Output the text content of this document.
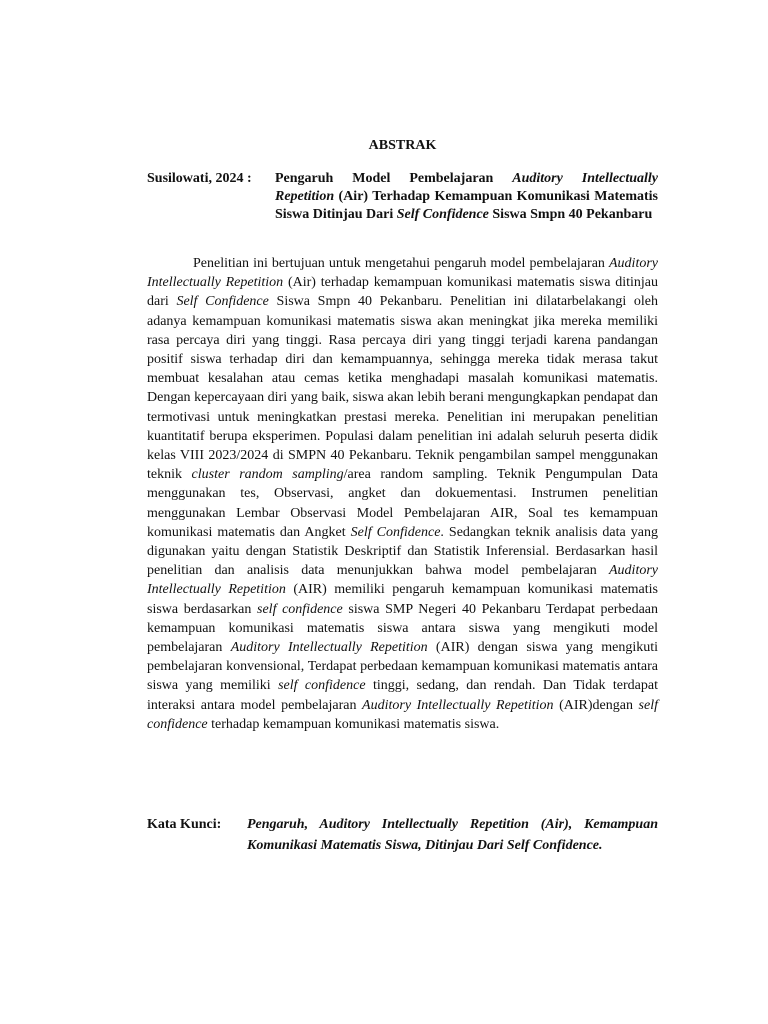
ABSTRAK
Susilowati, 2024 : Pengaruh Model Pembelajaran Auditory Intellectually Repetition (Air) Terhadap Kemampuan Komunikasi Matematis Siswa Ditinjau Dari Self Confidence Siswa Smpn 40 Pekanbaru

Penelitian ini bertujuan untuk mengetahui pengaruh model pembelajaran Auditory Intellectually Repetition (Air) terhadap kemampuan komunikasi matematis siswa ditinjau dari Self Confidence Siswa Smpn 40 Pekanbaru. Penelitian ini dilatarbelakangi oleh adanya kemampuan komunikasi matematis siswa akan meningkat jika mereka memiliki rasa percaya diri yang tinggi. Rasa percaya diri yang tinggi terjadi karena pandangan positif siswa terhadap diri dan kemampuannya, sehingga mereka tidak merasa takut membuat kesalahan atau cemas ketika menghadapi masalah komunikasi matematis. Dengan kepercayaan diri yang baik, siswa akan lebih berani mengungkapkan pendapat dan termotivasi untuk meningkatkan prestasi mereka. Penelitian ini merupakan penelitian kuantitatif berupa eksperimen. Populasi dalam penelitian ini adalah seluruh peserta didik kelas VIII 2023/2024 di SMPN 40 Pekanbaru. Teknik pengambilan sampel menggunakan teknik cluster random sampling/area random sampling. Teknik Pengumpulan Data menggunakan tes, Observasi, angket dan dokuementasi. Instrumen penelitian menggunakan Lembar Observasi Model Pembelajaran AIR, Soal tes kemampuan komunikasi matematis dan Angket Self Confidence. Sedangkan teknik analisis data yang digunakan yaitu dengan Statistik Deskriptif dan Statistik Inferensial. Berdasarkan hasil penelitian dan analisis data menunjukkan bahwa model pembelajaran Auditory Intellectually Repetition (AIR) memiliki pengaruh kemampuan komunikasi matematis siswa berdasarkan self confidence siswa SMP Negeri 40 Pekanbaru Terdapat perbedaan kemampuan komunikasi matematis siswa antara siswa yang mengikuti model pembelajaran Auditory Intellectually Repetition (AIR) dengan siswa yang mengikuti pembelajaran konvensional, Terdapat perbedaan kemampuan komunikasi matematis antara siswa yang memiliki self confidence tinggi, sedang, dan rendah. Dan Tidak terdapat interaksi antara model pembelajaran Auditory Intellectually Repetition (AIR)dengan self confidence terhadap kemampuan komunikasi matematis siswa.

Kata Kunci: Pengaruh, Auditory Intellectually Repetition (Air), Kemampuan Komunikasi Matematis Siswa, Ditinjau Dari Self Confidence.
